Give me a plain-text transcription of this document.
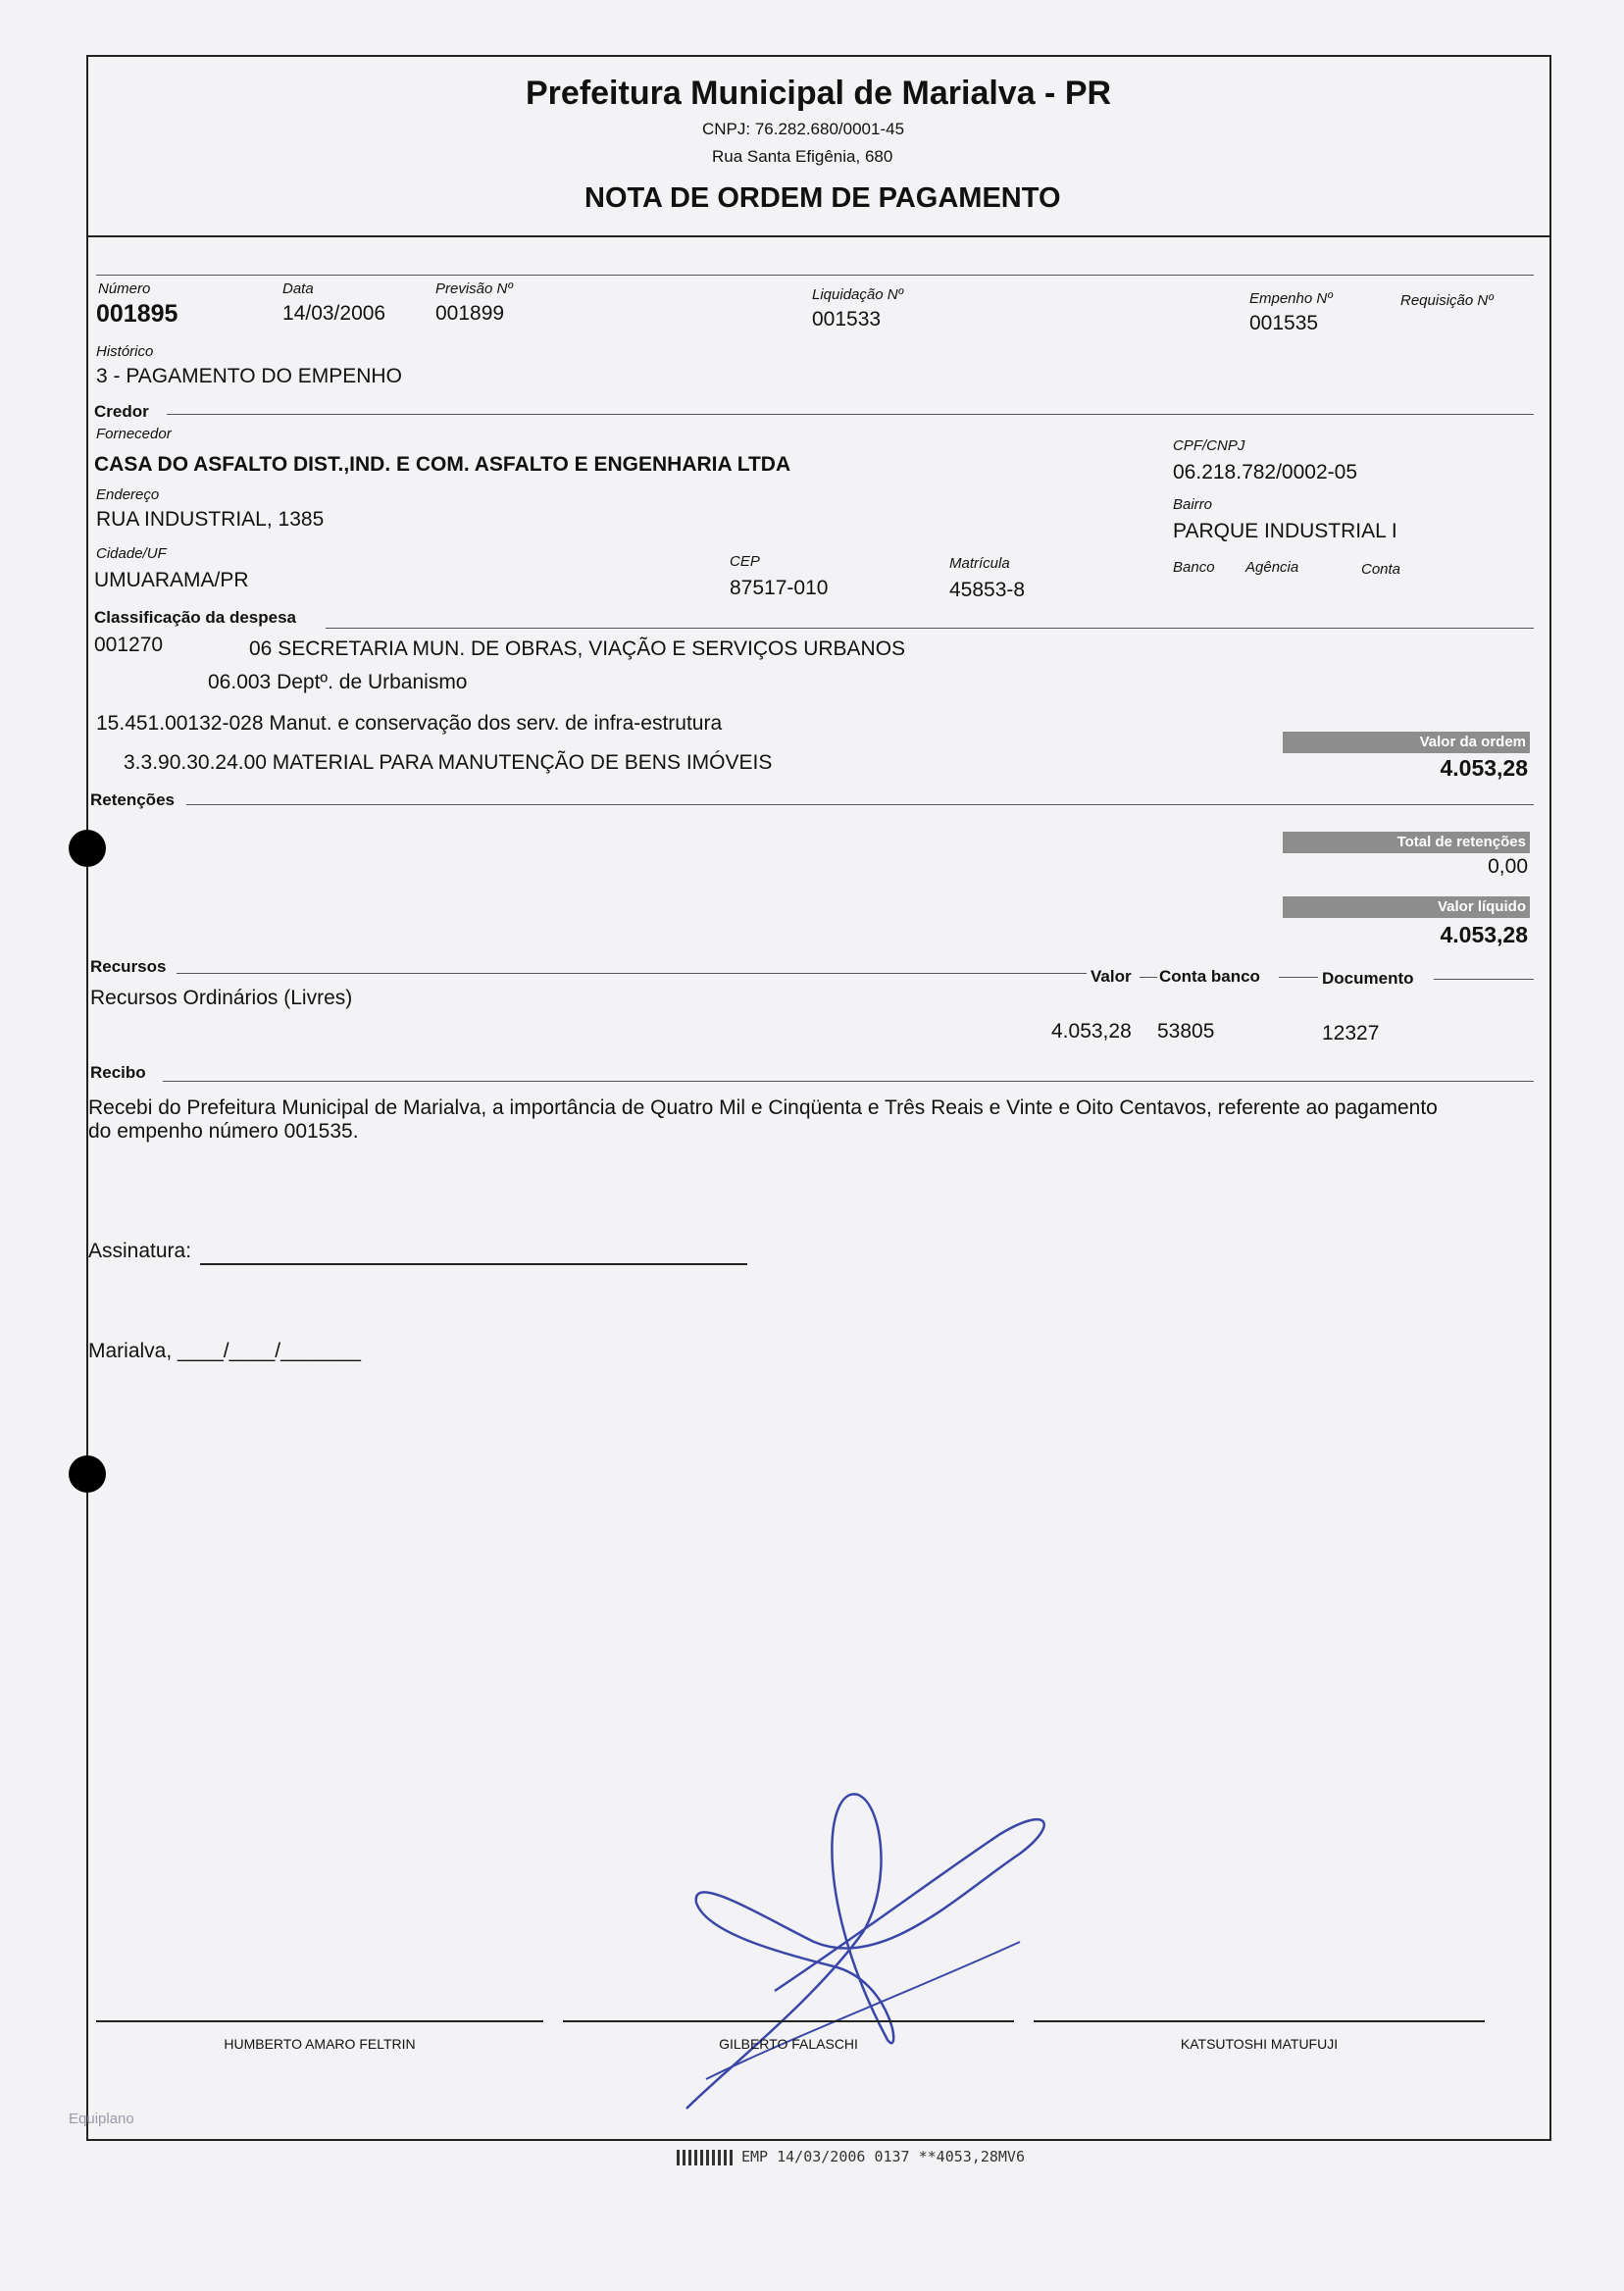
Prefeitura Municipal de Marialva - PR
CNPJ: 76.282.680/0001-45
Rua Santa Efigênia, 680
NOTA DE ORDEM DE PAGAMENTO
Número
001895
Data
14/03/2006
Previsão Nº
001899
Liquidação Nº
001533
Empenho Nº
001535
Requisição Nº
Histórico
3 - PAGAMENTO DO EMPENHO
Credor
Fornecedor
CASA DO ASFALTO DIST.,IND. E COM. ASFALTO E ENGENHARIA LTDA
CPF/CNPJ
06.218.782/0002-05
Endereço
RUA INDUSTRIAL, 1385
Bairro
PARQUE INDUSTRIAL I
Cidade/UF
UMUARAMA/PR
CEP
87517-010
Matrícula
45853-8
Banco Agência	Conta
Classificação da despesa
001270	06 SECRETARIA MUN. DE OBRAS, VIAÇÃO E SERVIÇOS URBANOS
06.003 Deptº. de Urbanismo
15.451.00132-028 Manut. e conservação dos serv. de infra-estrutura
3.3.90.30.24.00 MATERIAL PARA MANUTENÇÃO DE BENS IMÓVEIS
Valor da ordem
4.053,28
Retenções
Total de retenções
0,00
Valor líquido
4.053,28
Recursos
Valor Conta banco	Documento
Recursos Ordinários (Livres)
4.053,28 53805	12327
Recibo
Recebi do Prefeitura Municipal de Marialva, a importância de Quatro Mil e Cinqüenta e Três Reais e Vinte e Oito Centavos, referente ao pagamento do empenho número 001535.
Assinatura:
Marialva, ____/____/_______
HUMBERTO AMARO FELTRIN	GILBERTO FALASCHI	KATSUTOSHI MATUFUJI
Equiplano
EMP 14/03/2006 0137 **4053,28MV6
